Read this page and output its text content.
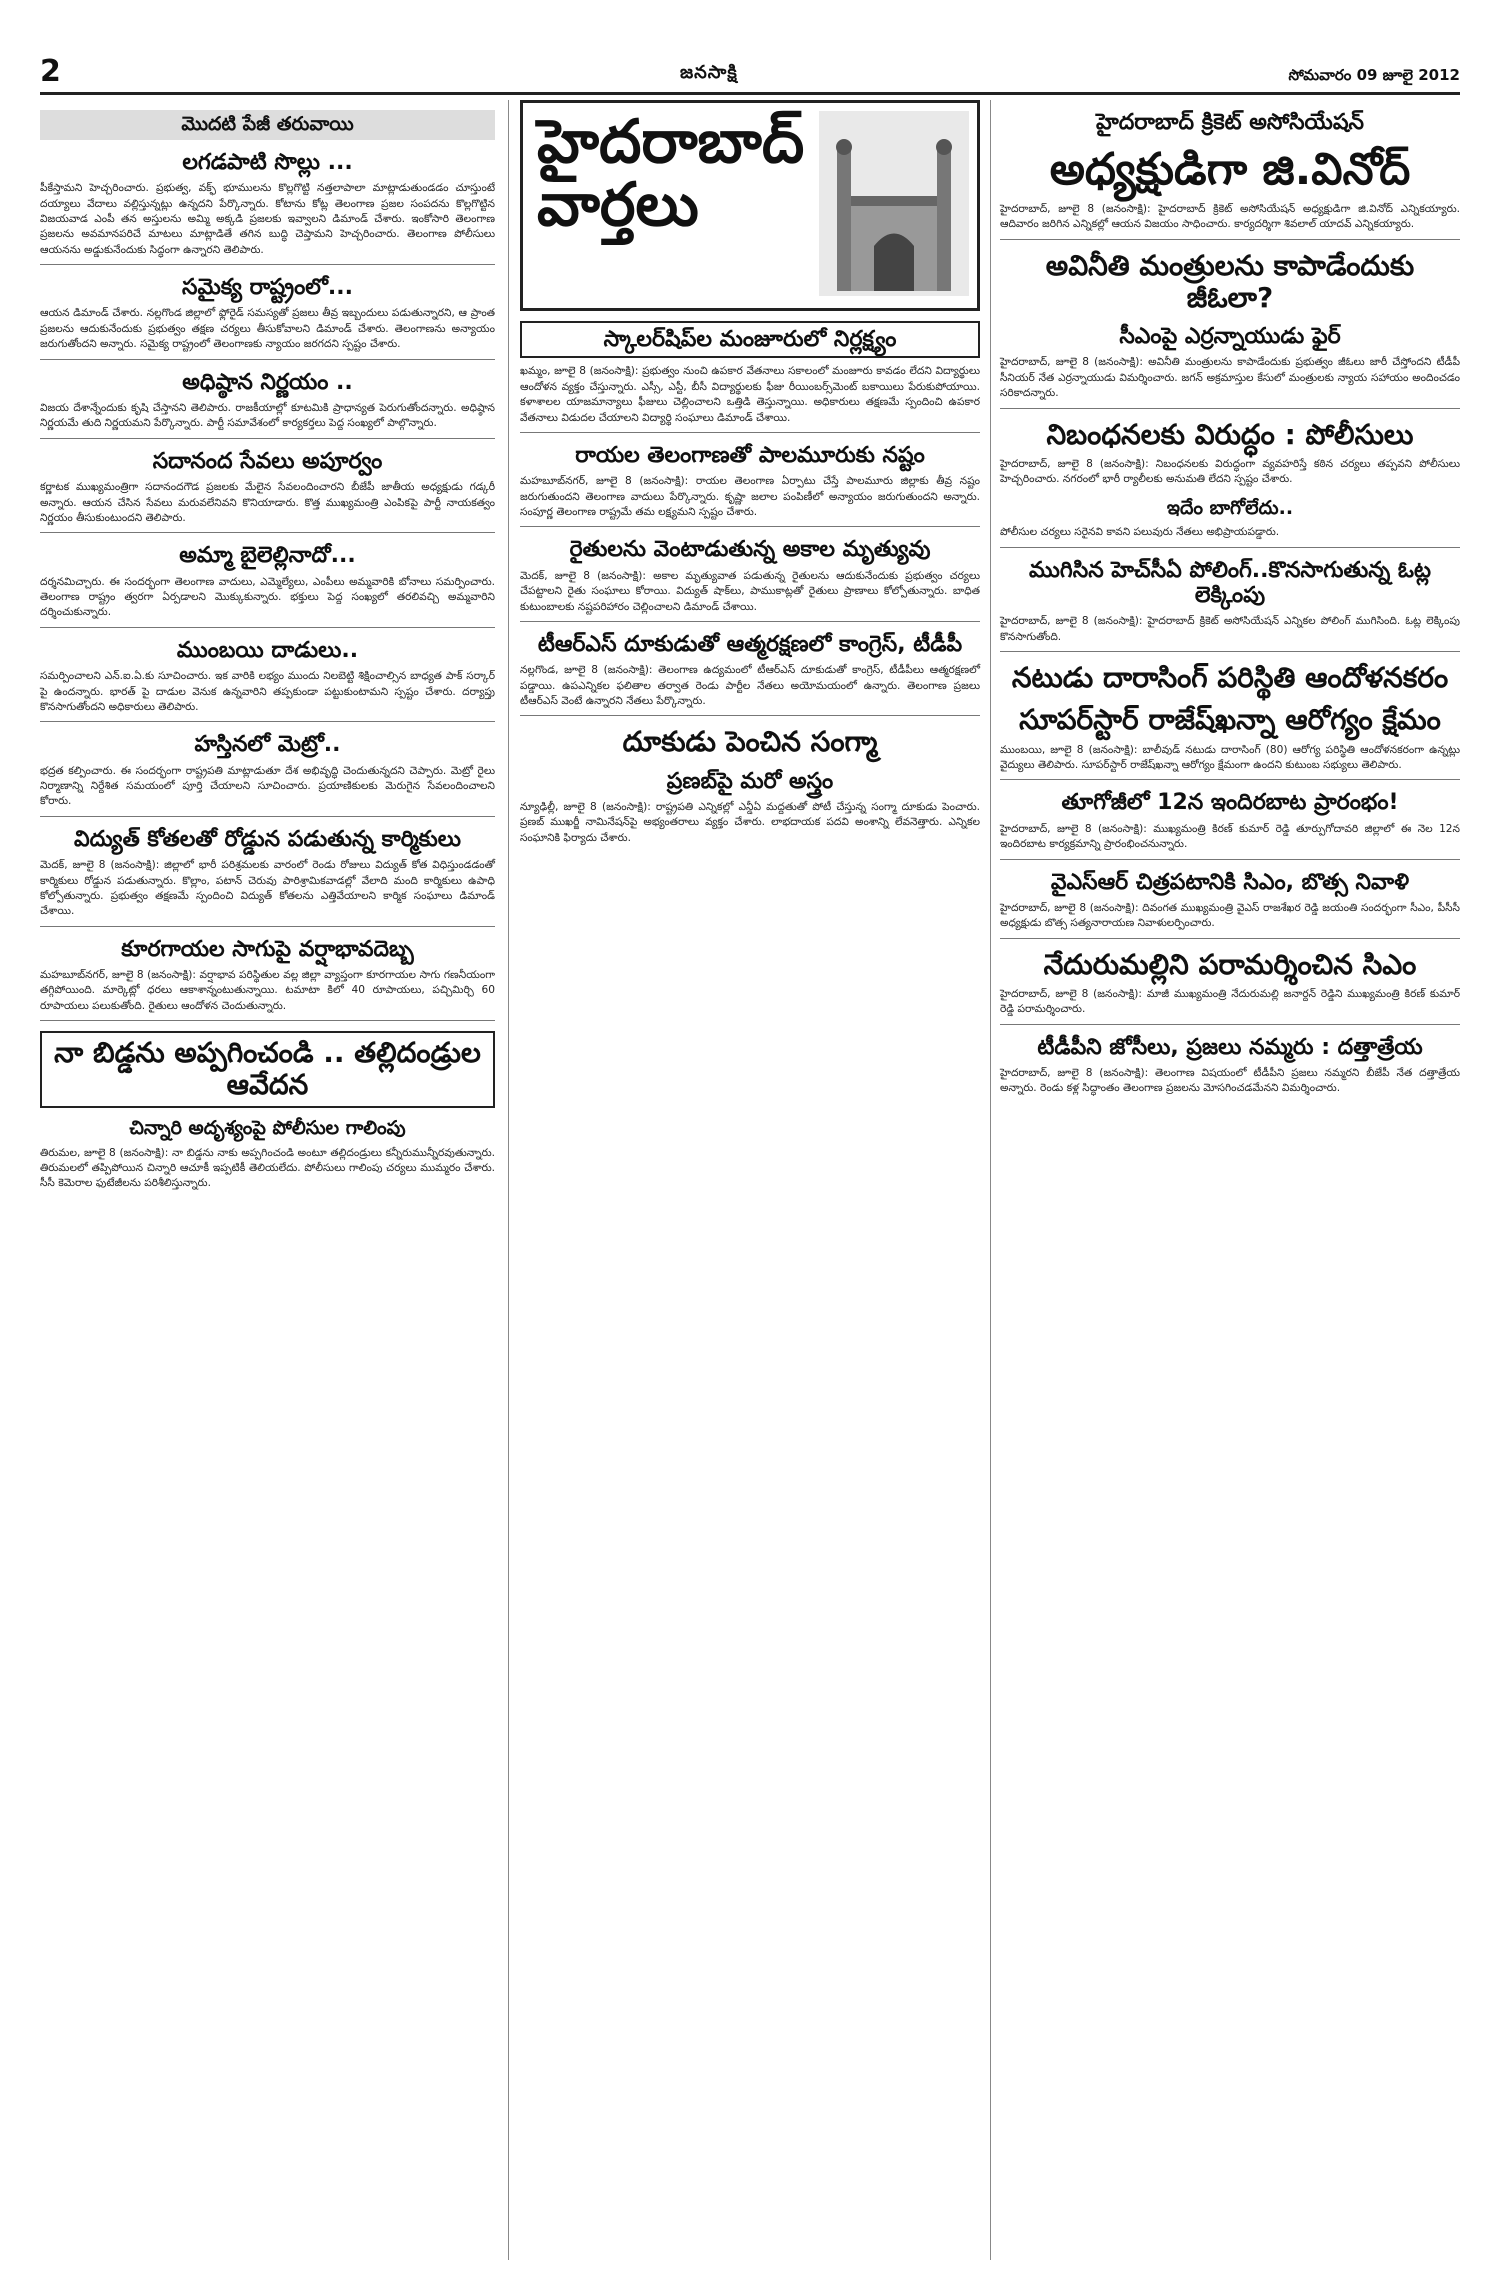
2	జనసాక్షి	సోమవారం 09 జూలై 2012
మొదటి పేజీ తరువాయి
లగడపాటి సొల్లు ...

పీకేస్తామని హెచ్చరించారు. ప్రభుత్వ, వక్ఫ్ భూములను కొల్లగొట్టి నత్తలాపాలా మాట్లాడుతుండడం చూస్తుంటే దయ్యాలు వేదాలు వల్లిస్తున్నట్లు ఉన్నదని పేర్కొన్నారు. కోటాను కోట్ల తెలంగాణ ప్రజల సంపదను కొల్లగొట్టిన విజయవాడ ఎంపీ తన అస్తులను అమ్మి అక్కడి ప్రజలకు ఇవ్వాలని డిమాండ్ చేశారు. ఇంకోసారి తెలంగాణ ప్రజలను అవమానపరిచే మాటలు మాట్లాడితే తగిన బుద్ధి చెప్తామని హెచ్చరించారు. తెలంగాణ పోలీసులు ఆయనను అడ్డుకునేందుకు సిద్ధంగా ఉన్నారని తెలిపారు.

సమైక్య రాష్ట్రంలో...

ఆయన డిమాండ్ చేశారు. నల్లగొండ జిల్లాలో ఫ్లోరైడ్ సమస్యతో ప్రజలు తీవ్ర ఇబ్బందులు పడుతున్నారని, ఆ ప్రాంత ప్రజలను ఆదుకునేందుకు ప్రభుత్వం తక్షణ చర్యలు తీసుకోవాలని డిమాండ్ చేశారు. తెలంగాణను అన్యాయం జరుగుతోందని అన్నారు. సమైక్య రాష్ట్రంలో తెలంగాణకు న్యాయం జరగదని స్పష్టం చేశారు.

అధిష్ఠాన నిర్ణయం ..

విజయ దేశాన్నేందుకు కృషి చేస్తానని తెలిపారు. రాజకీయాల్లో కూటమికి ప్రాధాన్యత పెరుగుతోందన్నారు. అధిష్ఠాన నిర్ణయమే తుది నిర్ణయమని పేర్కొన్నారు. పార్టీ సమావేశంలో కార్యకర్తలు పెద్ద సంఖ్యలో పాల్గొన్నారు.

సదానంద సేవలు అపూర్వం

కర్ణాటక ముఖ్యమంత్రిగా సదానందగౌడ ప్రజలకు మేలైన సేవలందించారని బీజేపీ జాతీయ అధ్యక్షుడు గడ్కరీ అన్నారు. ఆయన చేసిన సేవలు మరువలేనివని కొనియాడారు. కొత్త ముఖ్యమంత్రి ఎంపికపై పార్టీ నాయకత్వం నిర్ణయం తీసుకుంటుందని తెలిపారు.

అమ్మా బైలెల్లినాదో...

దర్శనమిచ్చారు. ఈ సందర్భంగా తెలంగాణ వాదులు, ఎమ్మెల్యేలు, ఎంపీలు అమ్మవారికి బోనాలు సమర్పించారు. తెలంగాణ రాష్ట్రం త్వరగా ఏర్పడాలని మొక్కుకున్నారు. భక్తులు పెద్ద సంఖ్యలో తరలివచ్చి అమ్మవారిని దర్శించుకున్నారు.

ముంబయి దాడులు..

సమర్పించాలని ఎన్.ఐ.ఏ.కు సూచించారు. ఇక వారికి లభ్యం ముందు నిలబెట్టి శిక్షించాల్సిన బాధ్యత పాక్ సర్కార్ పై ఉందన్నారు. భారత్ పై దాడుల వెనుక ఉన్నవారిని తప్పకుండా పట్టుకుంటామని స్పష్టం చేశారు. దర్యాప్తు కొనసాగుతోందని అధికారులు తెలిపారు.

హస్తినలో మెట్రో..

భద్రత కల్పించారు. ఈ సందర్భంగా రాష్ట్రపతి మాట్లాడుతూ దేశ అభివృద్ధి చెందుతున్నదని చెప్పారు. మెట్రో రైలు నిర్మాణాన్ని నిర్దేశిత సమయంలో పూర్తి చేయాలని సూచించారు. ప్రయాణికులకు మెరుగైన సేవలందించాలని కోరారు.

విద్యుత్ కోతలతో రోడ్డున పడుతున్న కార్మికులు

మెదక్, జూలై 8 (జనంసాక్షి): జిల్లాలో భారీ పరిశ్రమలకు వారంలో రెండు రోజులు విద్యుత్ కోత విధిస్తుండడంతో కార్మికులు రోడ్డున పడుతున్నారు. కొల్లాం, పటాన్ చెరువు పారిశ్రామికవాడల్లో వేలాది మంది కార్మికులు ఉపాధి కోల్పోతున్నారు. ప్రభుత్వం తక్షణమే స్పందించి విద్యుత్ కోతలను ఎత్తివేయాలని కార్మిక సంఘాలు డిమాండ్ చేశాయి.

కూరగాయల సాగుపై వర్షాభావదెబ్బ

మహబూబ్‌నగర్, జూలై 8 (జనంసాక్షి): వర్షాభావ పరిస్థితుల వల్ల జిల్లా వ్యాప్తంగా కూరగాయల సాగు గణనీయంగా తగ్గిపోయింది. మార్కెట్లో ధరలు ఆకాశాన్నంటుతున్నాయి. టమాటా కిలో 40 రూపాయలు, పచ్చిమిర్చి 60 రూపాయలు పలుకుతోంది. రైతులు ఆందోళన చెందుతున్నారు.

నా బిడ్డను అప్పగించండి .. తల్లిదండ్రుల ఆవేదన
చిన్నారి అదృశ్యంపై పోలీసుల గాలింపు

తిరుమల, జూలై 8 (జనంసాక్షి): నా బిడ్డను నాకు అప్పగించండి అంటూ తల్లిదండ్రులు కన్నీరుమున్నీరవుతున్నారు. తిరుమలలో తప్పిపోయిన చిన్నారి ఆచూకీ ఇప్పటికీ తెలియలేదు. పోలీసులు గాలింపు చర్యలు ముమ్మరం చేశారు. సీసీ కెమెరాల ఫుటేజీలను పరిశీలిస్తున్నారు.

హైదరాబాద్
వార్తలు
స్కాలర్‌షిప్‌ల మంజూరులో నిర్లక్ష్యం

ఖమ్మం, జూలై 8 (జనంసాక్షి): ప్రభుత్వం నుంచి ఉపకార వేతనాలు సకాలంలో మంజూరు కావడం లేదని విద్యార్థులు ఆందోళన వ్యక్తం చేస్తున్నారు. ఎస్సీ, ఎస్టీ, బీసీ విద్యార్థులకు ఫీజు రీయింబర్స్‌మెంట్ బకాయిలు పేరుకుపోయాయి. కళాశాలల యాజమాన్యాలు ఫీజులు చెల్లించాలని ఒత్తిడి తెస్తున్నాయి. అధికారులు తక్షణమే స్పందించి ఉపకార వేతనాలు విడుదల చేయాలని విద్యార్థి సంఘాలు డిమాండ్ చేశాయి.

రాయల తెలంగాణతో పాలమూరుకు నష్టం

మహబూబ్‌నగర్, జూలై 8 (జనంసాక్షి): రాయల తెలంగాణ ఏర్పాటు చేస్తే పాలమూరు జిల్లాకు తీవ్ర నష్టం జరుగుతుందని తెలంగాణ వాదులు పేర్కొన్నారు. కృష్ణా జలాల పంపిణీలో అన్యాయం జరుగుతుందని అన్నారు. సంపూర్ణ తెలంగాణ రాష్ట్రమే తమ లక్ష్యమని స్పష్టం చేశారు.

రైతులను వెంటాడుతున్న అకాల మృత్యువు

మెదక్, జూలై 8 (జనంసాక్షి): అకాల మృత్యువాత పడుతున్న రైతులను ఆదుకునేందుకు ప్రభుత్వం చర్యలు చేపట్టాలని రైతు సంఘాలు కోరాయి. విద్యుత్ షాక్‌లు, పాముకాట్లతో రైతులు ప్రాణాలు కోల్పోతున్నారు. బాధిత కుటుంబాలకు నష్టపరిహారం చెల్లించాలని డిమాండ్ చేశాయి.

టీఆర్ఎస్ దూకుడుతో ఆత్మరక్షణలో కాంగ్రెస్, టీడీపీ

నల్లగొండ, జూలై 8 (జనంసాక్షి): తెలంగాణ ఉద్యమంలో టీఆర్ఎస్ దూకుడుతో కాంగ్రెస్, టీడీపీలు ఆత్మరక్షణలో పడ్డాయి. ఉపఎన్నికల ఫలితాల తర్వాత రెండు పార్టీల నేతలు అయోమయంలో ఉన్నారు. తెలంగాణ ప్రజలు టీఆర్ఎస్ వెంటే ఉన్నారని నేతలు పేర్కొన్నారు.

దూకుడు పెంచిన సంగ్మా
ప్రణబ్‌పై మరో అస్త్రం

న్యూఢిల్లీ, జూలై 8 (జనంసాక్షి): రాష్ట్రపతి ఎన్నికల్లో ఎన్డీఏ మద్దతుతో పోటీ చేస్తున్న సంగ్మా దూకుడు పెంచారు. ప్రణబ్ ముఖర్జీ నామినేషన్‌పై అభ్యంతరాలు వ్యక్తం చేశారు. లాభదాయక పదవి అంశాన్ని లేవనెత్తారు. ఎన్నికల సంఘానికి ఫిర్యాదు చేశారు.

హైదరాబాద్ క్రికెట్ అసోసియేషన్
అధ్యక్షుడిగా జి.వినోద్

హైదరాబాద్, జూలై 8 (జనంసాక్షి): హైదరాబాద్ క్రికెట్ అసోసియేషన్ అధ్యక్షుడిగా జి.వినోద్ ఎన్నికయ్యారు. ఆదివారం జరిగిన ఎన్నికల్లో ఆయన విజయం సాధించారు. కార్యదర్శిగా శివలాల్ యాదవ్ ఎన్నికయ్యారు.

అవినీతి మంత్రులను కాపాడేందుకు జీఓలా?
సీఎంపై ఎర్రన్నాయుడు ఫైర్

హైదరాబాద్, జూలై 8 (జనంసాక్షి): అవినీతి మంత్రులను కాపాడేందుకు ప్రభుత్వం జీఓలు జారీ చేస్తోందని టీడీపీ సీనియర్ నేత ఎర్రన్నాయుడు విమర్శించారు. జగన్ అక్రమాస్తుల కేసులో మంత్రులకు న్యాయ సహాయం అందించడం సరికాదన్నారు.

నిబంధనలకు విరుద్ధం : పోలీసులు

హైదరాబాద్, జూలై 8 (జనంసాక్షి): నిబంధనలకు విరుద్ధంగా వ్యవహరిస్తే కఠిన చర్యలు తప్పవని పోలీసులు హెచ్చరించారు. నగరంలో భారీ ర్యాలీలకు అనుమతి లేదని స్పష్టం చేశారు.

ఇదేం బాగోలేదు..

పోలీసుల చర్యలు సరైనవి కావని పలువురు నేతలు అభిప్రాయపడ్డారు.

ముగిసిన హెచ్‌సీఏ పోలింగ్..కొనసాగుతున్న ఓట్ల లెక్కింపు

హైదరాబాద్, జూలై 8 (జనంసాక్షి): హైదరాబాద్ క్రికెట్ అసోసియేషన్ ఎన్నికల పోలింగ్ ముగిసింది. ఓట్ల లెక్కింపు కొనసాగుతోంది.

నటుడు దారాసింగ్ పరిస్థితి ఆందోళనకరం
సూపర్‌స్టార్ రాజేష్‌ఖన్నా ఆరోగ్యం క్షేమం

ముంబయి, జూలై 8 (జనంసాక్షి): బాలీవుడ్ నటుడు దారాసింగ్ (80) ఆరోగ్య పరిస్థితి ఆందోళనకరంగా ఉన్నట్లు వైద్యులు తెలిపారు. సూపర్‌స్టార్ రాజేష్‌ఖన్నా ఆరోగ్యం క్షేమంగా ఉందని కుటుంబ సభ్యులు తెలిపారు.

తూగోజీలో 12న ఇందిరబాట ప్రారంభం!

హైదరాబాద్, జూలై 8 (జనంసాక్షి): ముఖ్యమంత్రి కిరణ్ కుమార్ రెడ్డి తూర్పుగోదావరి జిల్లాలో ఈ నెల 12న ఇందిరబాట కార్యక్రమాన్ని ప్రారంభించనున్నారు.

వైఎస్ఆర్ చిత్రపటానికి సిఎం, బొత్స నివాళి

హైదరాబాద్, జూలై 8 (జనంసాక్షి): దివంగత ముఖ్యమంత్రి వైఎస్ రాజశేఖర రెడ్డి జయంతి సందర్భంగా సీఎం, పీసీసీ అధ్యక్షుడు బొత్స సత్యనారాయణ నివాళులర్పించారు.

నేదురుమల్లిని పరామర్శించిన సిఎం

హైదరాబాద్, జూలై 8 (జనంసాక్షి): మాజీ ముఖ్యమంత్రి నేదురుమల్లి జనార్దన్ రెడ్డిని ముఖ్యమంత్రి కిరణ్ కుమార్ రెడ్డి పరామర్శించారు.

టీడీపీని జోసీలు, ప్రజలు నమ్మరు : దత్తాత్రేయ

హైదరాబాద్, జూలై 8 (జనంసాక్షి): తెలంగాణ విషయంలో టీడీపీని ప్రజలు నమ్మరని బీజేపీ నేత దత్తాత్రేయ అన్నారు. రెండు కళ్ల సిద్ధాంతం తెలంగాణ ప్రజలను మోసగించడమేనని విమర్శించారు.
